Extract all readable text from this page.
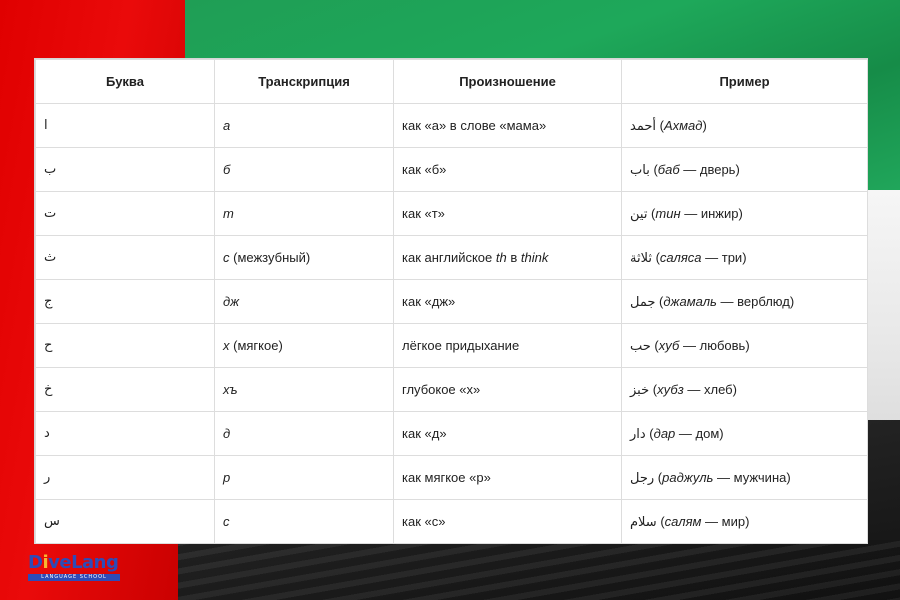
Буква	Транскрипция	Произношение	Пример
ا	а	как «а» в слове «мама»	أحمد (Ахмад)
ب	б	как «б»	باب (баб — дверь)
ت	т	как «т»	تين (тин — инжир)
ث	с (межзубный)	как английское th в think	ثلاثة (саляса — три)
ج	дж	как «дж»	جمل (джамаль — верблюд)
ح	х (мягкое)	лёгкое придыхание	حب (хуб — любовь)
خ	хъ	глубокое «х»	خبز (хубз — хлеб)
د	д	как «д»	دار (дар — дом)
ر	р	как мягкое «р»	رجل (раджуль — мужчина)
س	с	как «с»	سلام (салям — мир)
DiveLang
LANGUAGE SCHOOL
